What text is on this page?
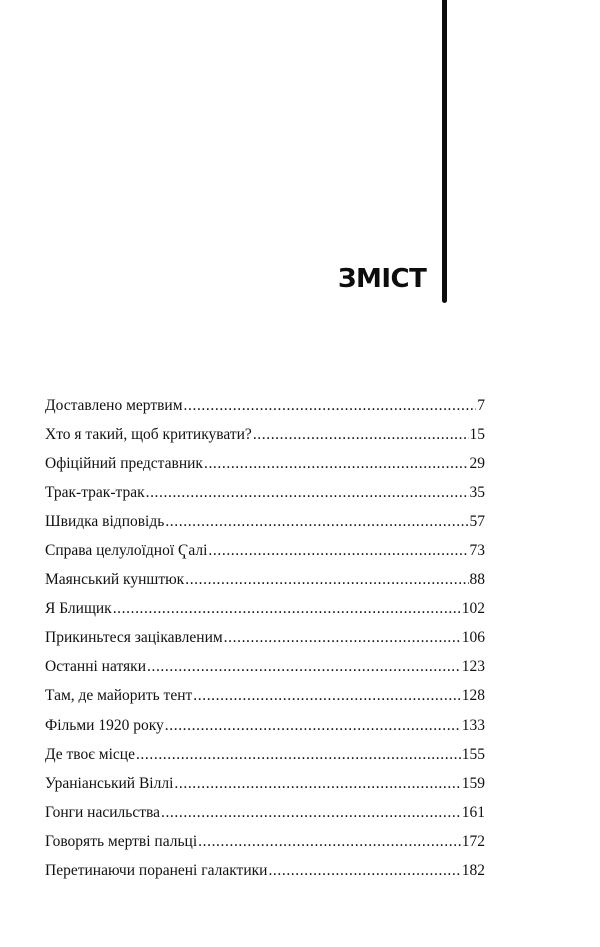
ЗМІСТ
Доставлено мертвим .....	7
Хто я такий, щоб критикувати? .....	15
Офіційний представник .....	29
Трак-трак-трак .....	35
Швидка відповідь .....	57
Справа целулоїдної Ҁалі .....	73
Маянський кунштюк .....	88
Я Блищик .....	102
Прикиньтеся зацікавленим .....	106
Останні натяки .....	123
Там, де майорить тент .....	128
Фільми 1920 року .....	133
Де твоє місце .....	155
Ураніанський Віллі .....	159
Гонги насильства .....	161
Говорять мертві пальці .....	172
Перетинаючи поранені галактики .....	182
